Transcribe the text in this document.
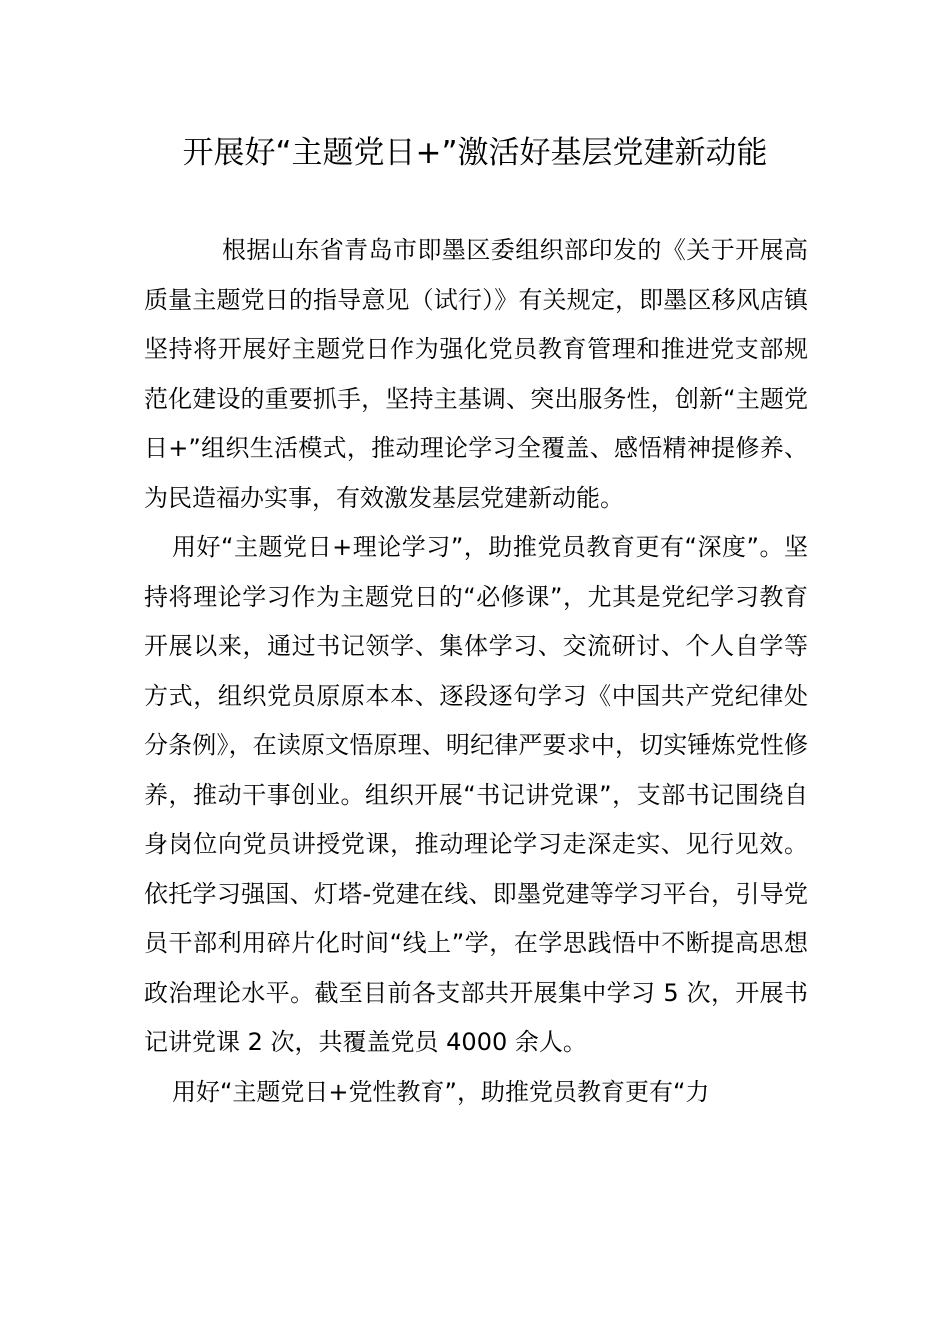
开展好“主题党日+”激活好基层党建新动能

根据山东省青岛市即墨区委组织部印发的《关于开展高质量主题党日的指导意见（试行）》有关规定，即墨区移风店镇坚持将开展好主题党日作为强化党员教育管理和推进党支部规范化建设的重要抓手，坚持主基调、突出服务性，创新“主题党日+”组织生活模式，推动理论学习全覆盖、感悟精神提修养、为民造福办实事，有效激发基层党建新动能。

用好“主题党日+理论学习”，助推党员教育更有“深度”。坚持将理论学习作为主题党日的“必修课”，尤其是党纪学习教育开展以来，通过书记领学、集体学习、交流研讨、个人自学等方式，组织党员原原本本、逐段逐句学习《中国共产党纪律处分条例》，在读原文悟原理、明纪律严要求中，切实锤炼党性修养，推动干事创业。组织开展“书记讲党课”，支部书记围绕自身岗位向党员讲授党课，推动理论学习走深走实、见行见效。依托学习强国、灯塔-党建在线、即墨党建等学习平台，引导党员干部利用碎片化时间“线上”学，在学思践悟中不断提高思想政治理论水平。截至目前各支部共开展集中学习 5 次，开展书记讲党课 2 次，共覆盖党员 4000 余人。

用好“主题党日+党性教育”，助推党员教育更有“力
